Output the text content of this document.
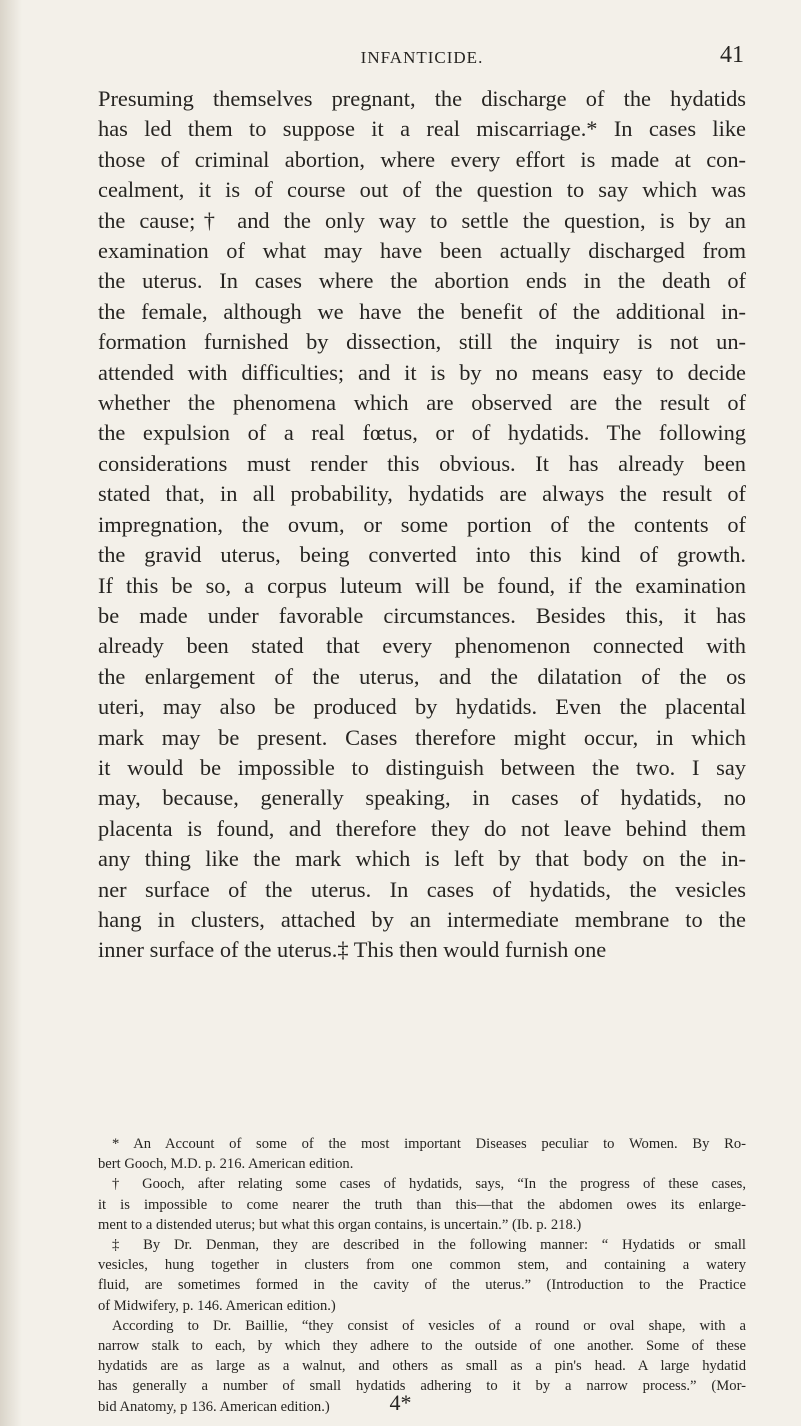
INFANTICIDE.	41
Presuming themselves pregnant, the discharge of the hydatids
has led them to suppose it a real miscarriage.* In cases like
those of criminal abortion, where every effort is made at con-
cealment, it is of course out of the question to say which was
the cause;† and the only way to settle the question, is by an
examination of what may have been actually discharged from
the uterus. In cases where the abortion ends in the death of
the female, although we have the benefit of the additional in-
formation furnished by dissection, still the inquiry is not un-
attended with difficulties; and it is by no means easy to decide
whether the phenomena which are observed are the result of
the expulsion of a real fœtus, or of hydatids. The following
considerations must render this obvious. It has already been
stated that, in all probability, hydatids are always the result of
impregnation, the ovum, or some portion of the contents of
the gravid uterus, being converted into this kind of growth.
If this be so, a corpus luteum will be found, if the examination
be made under favorable circumstances. Besides this, it has
already been stated that every phenomenon connected with
the enlargement of the uterus, and the dilatation of the os
uteri, may also be produced by hydatids. Even the placental
mark may be present. Cases therefore might occur, in which
it would be impossible to distinguish between the two. I say
may, because, generally speaking, in cases of hydatids, no
placenta is found, and therefore they do not leave behind them
any thing like the mark which is left by that body on the in-
ner surface of the uterus. In cases of hydatids, the vesicles
hang in clusters, attached by an intermediate membrane to the
inner surface of the uterus.‡ This then would furnish one
* An Account of some of the most important Diseases peculiar to Women. By Ro-
bert Gooch, M.D. p. 216. American edition.
† Gooch, after relating some cases of hydatids, says, “In the progress of these cases,
it is impossible to come nearer the truth than this—that the abdomen owes its enlarge-
ment to a distended uterus; but what this organ contains, is uncertain.” (Ib. p. 218.)
‡ By Dr. Denman, they are described in the following manner: “ Hydatids or small
vesicles, hung together in clusters from one common stem, and containing a watery
fluid, are sometimes formed in the cavity of the uterus.” (Introduction to the Practice
of Midwifery, p. 146. American edition.)
According to Dr. Baillie, “they consist of vesicles of a round or oval shape, with a
narrow stalk to each, by which they adhere to the outside of one another. Some of these
hydatids are as large as a walnut, and others as small as a pin's head. A large hydatid
has generally a number of small hydatids adhering to it by a narrow process.” (Mor-
bid Anatomy, p 136. American edition.)	4*
